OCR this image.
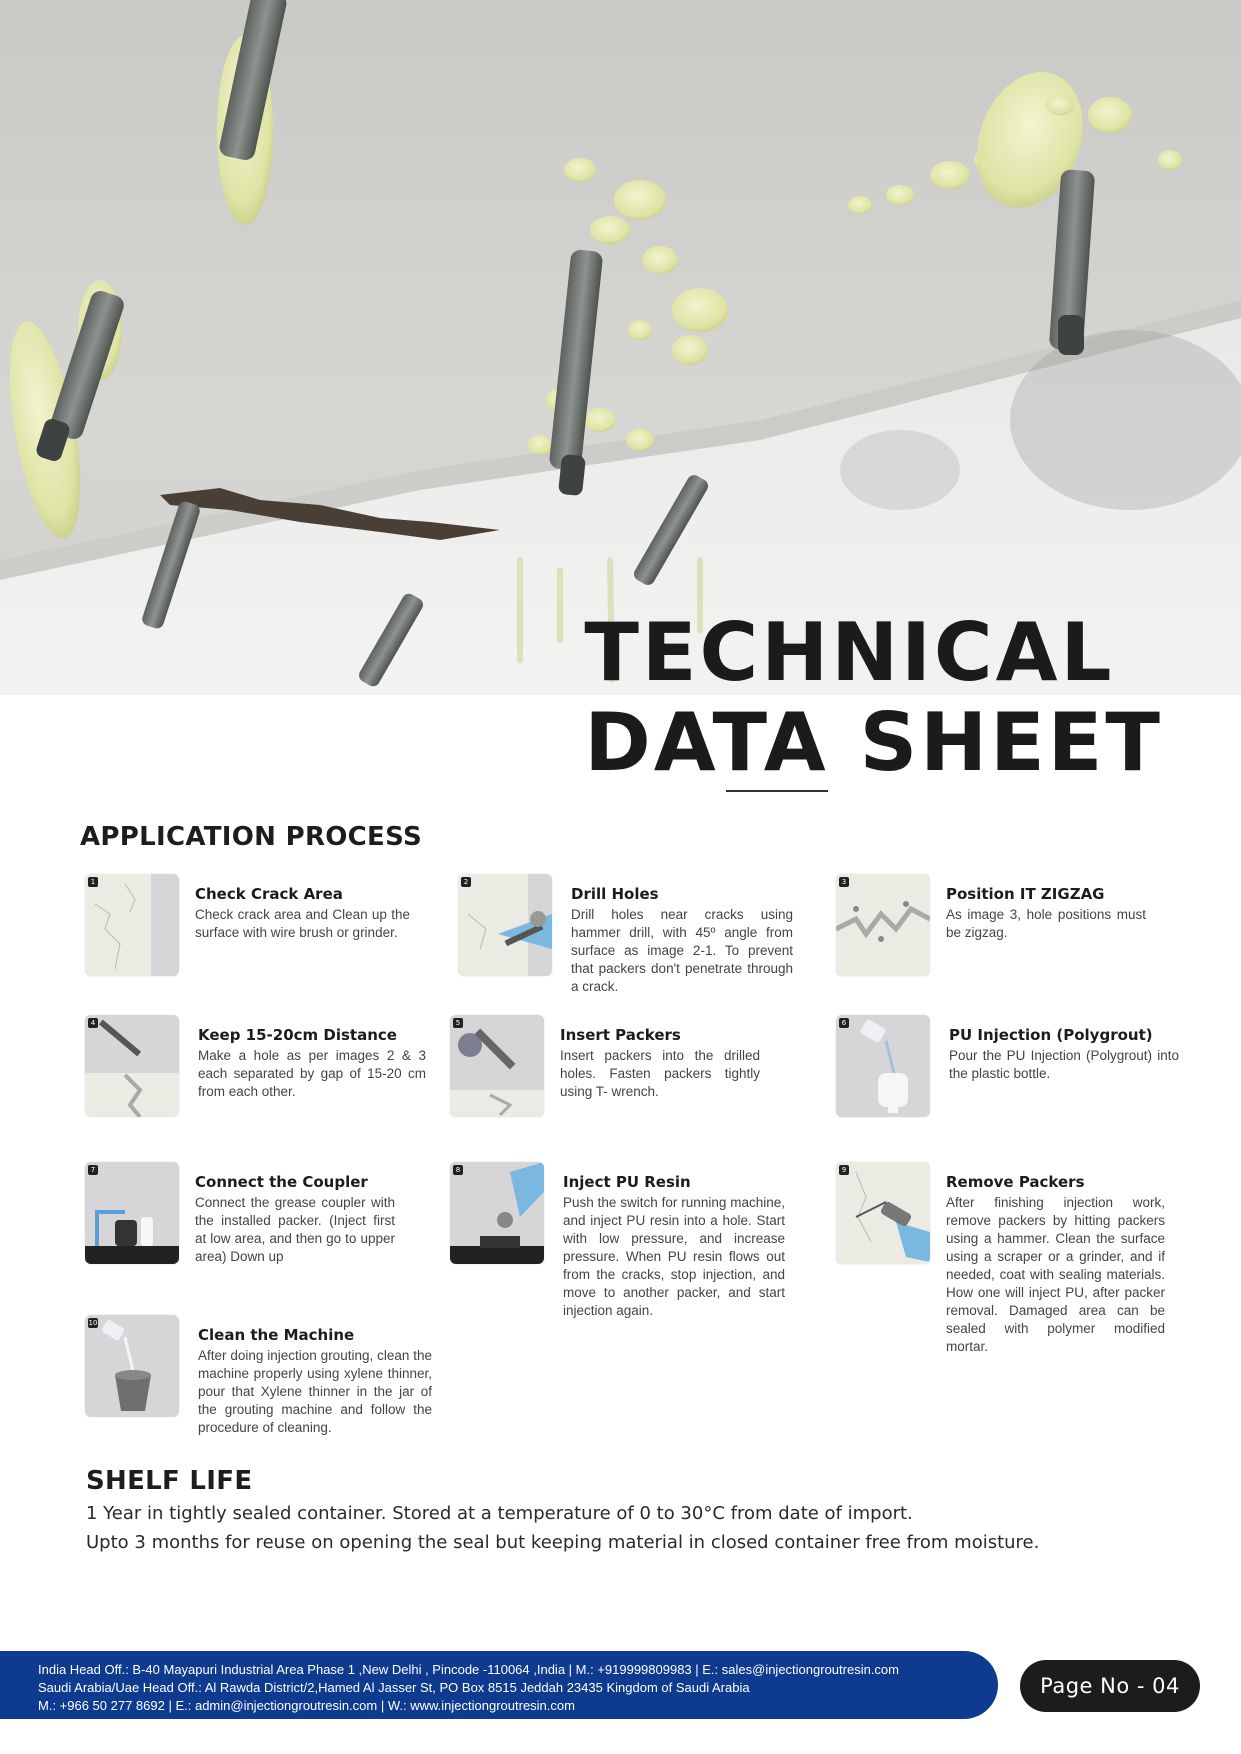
TECHNICAL
DATA SHEET
APPLICATION PROCESS
1
Check Crack Area
Check crack area and Clean up the surface with wire brush or grinder.
2
Drill Holes
Drill holes near cracks using hammer drill, with 45º angle from surface as image 2-1. To prevent that packers don't penetrate through a crack.
3
Position IT ZIGZAG
As image 3, hole positions must be zigzag.
4
Keep 15-20cm Distance
Make a hole as per images 2 & 3 each separated by gap of 15-20 cm from each other.
5
Insert Packers
Insert packers into the drilled holes. Fasten packers tightly using T- wrench.
6
PU Injection (Polygrout)
Pour the PU Injection (Polygrout) into the plastic bottle.
7
Connect the Coupler
Connect the grease coupler with the installed packer. (Inject first at low area, and then go to upper area) Down up
8
Inject PU Resin
Push the switch for running machine, and inject PU resin into a hole. Start with low pressure, and increase pressure. When PU resin flows out from the cracks, stop injection, and move to another packer, and start injection again.
9
Remove Packers
After finishing injection work, remove packers by hitting packers using a hammer. Clean the surface using a scraper or a grinder, and if needed, coat with sealing materials. How one will inject PU, after packer removal. Damaged area can be sealed with polymer modified mortar.
10
Clean the Machine
After doing injection grouting, clean the machine properly using xylene thinner, pour that Xylene thinner in the jar of the grouting machine and follow the procedure of cleaning.
SHELF LIFE
1 Year in tightly sealed container. Stored at a temperature of 0 to 30°C from date of import.
Upto 3 months for reuse on opening the seal but keeping material in closed container free from moisture.
India Head Off.: B-40 Mayapuri Industrial Area Phase 1 ,New Delhi , Pincode -110064 ,India | M.: +919999809983 | E.: sales@injectiongroutresin.com
Saudi Arabia/Uae Head Off.: Al Rawda District/2,Hamed Al Jasser St, PO Box 8515 Jeddah 23435 Kingdom of Saudi Arabia
M.: +966 50 277 8692 | E.: admin@injectiongroutresin.com | W.: www.injectiongroutresin.com
Page No - 04
